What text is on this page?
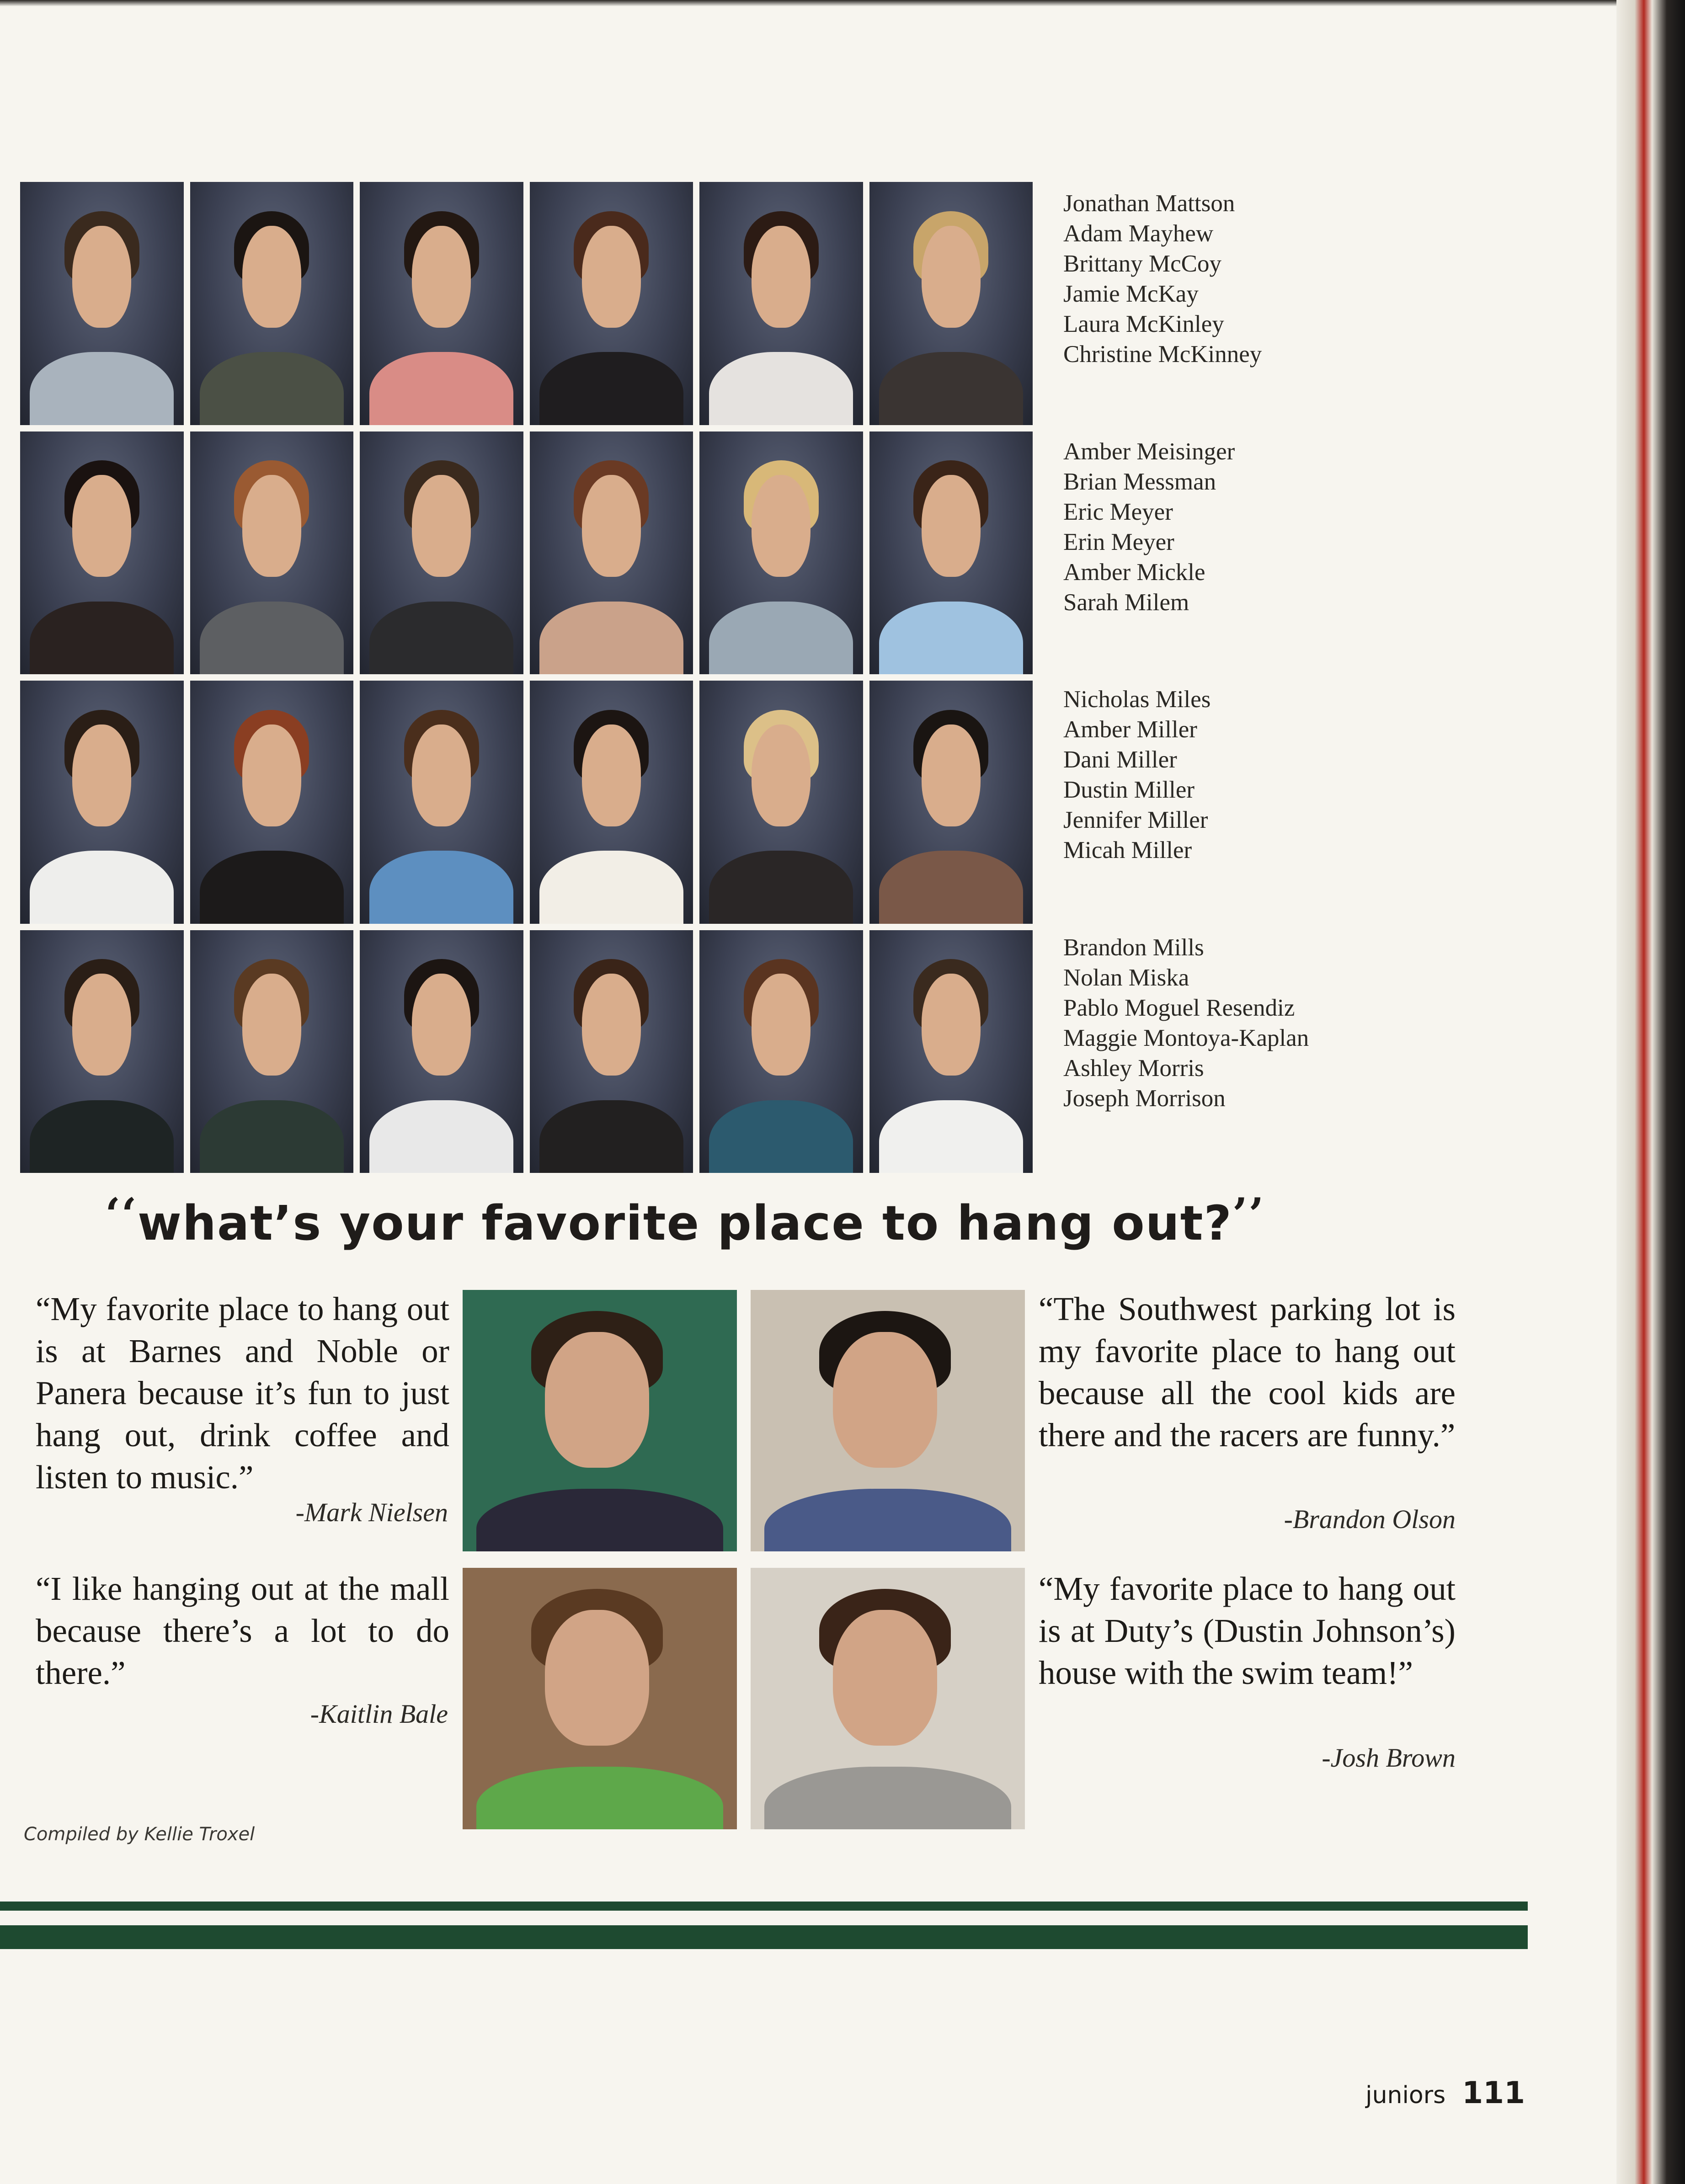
Jonathan Mattson
Adam Mayhew
Brittany McCoy
Jamie McKay
Laura McKinley
Christine McKinney
Amber Meisinger
Brian Messman
Eric Meyer
Erin Meyer
Amber Mickle
Sarah Milem
Nicholas Miles
Amber Miller
Dani Miller
Dustin Miller
Jennifer Miller
Micah Miller
Brandon Mills
Nolan Miska
Pablo Moguel Resendiz
Maggie Montoya-Kaplan
Ashley Morris
Joseph Morrison
‘‘what’s your favorite place to hang out?’’
“My favorite place to hang out is at Barnes and Noble or Panera because it’s fun to just hang out, drink coffee and listen to music.”
-Mark Nielsen
“The Southwest parking lot is my favorite place to hang out because all the cool kids are there and the racers are funny.”
-Brandon Olson
“I like hanging out at the mall because there’s a lot to do there.”
-Kaitlin Bale
“My favorite place to hang out is at Duty’s (Dustin Johnson’s) house with the swim team!”
-Josh Brown
Compiled by Kellie Troxel
juniors 111
